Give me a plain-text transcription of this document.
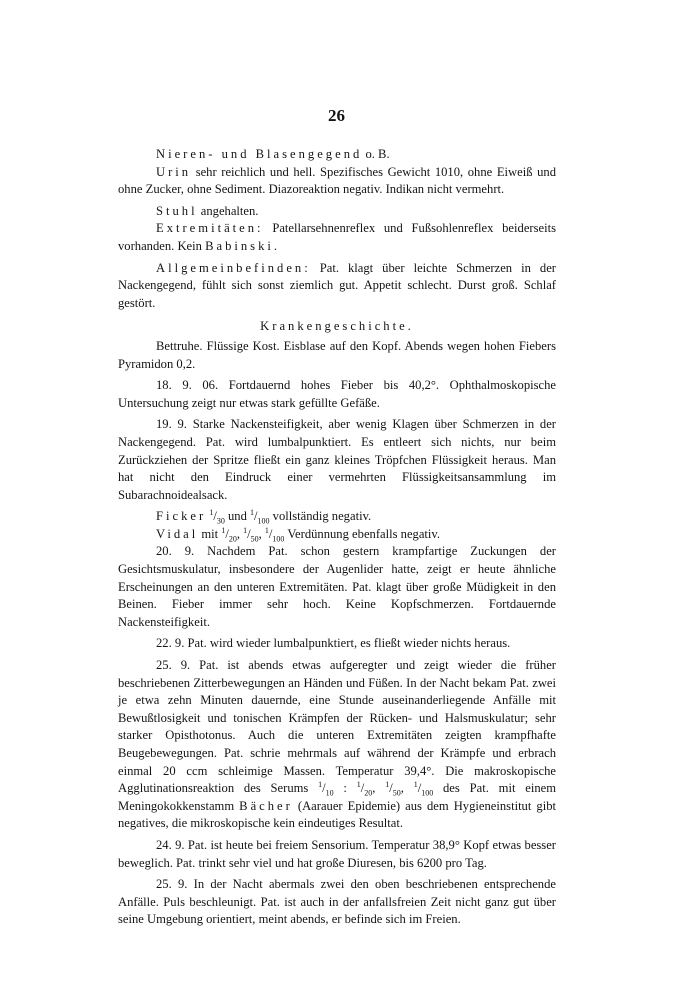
26

Nieren- und Blasengegend o. B.

Urin sehr reichlich und hell. Spezifisches Gewicht 1010, ohne Eiweiß und ohne Zucker, ohne Sediment. Diazoreaktion negativ. Indikan nicht vermehrt.

Stuhl angehalten.

Extremitäten: Patellarsehnenreflex und Fußsohlenreflex beiderseits vorhanden. Kein Babinski.

Allgemeinbefinden: Pat. klagt über leichte Schmerzen in der Nackengegend, fühlt sich sonst ziemlich gut. Appetit schlecht. Durst groß. Schlaf gestört.

Krankengeschichte.

Bettruhe. Flüssige Kost. Eisblase auf den Kopf. Abends wegen hohen Fiebers Pyramidon 0,2.

18. 9. 06. Fortdauernd hohes Fieber bis 40,2°. Ophthalmoskopische Untersuchung zeigt nur etwas stark gefüllte Gefäße.

19. 9. Starke Nackensteifigkeit, aber wenig Klagen über Schmerzen in der Nackengegend. Pat. wird lumbalpunktiert. Es entleert sich nichts, nur beim Zurückziehen der Spritze fließt ein ganz kleines Tröpfchen Flüssigkeit heraus. Man hat nicht den Eindruck einer vermehrten Flüssigkeitsansammlung im Subarachnoidealsack.

Ficker $^1/_{30}$ und $^1/_{100}$ vollständig negativ.

Vidal mit $^1/_{20}$, $^1/_{50}$, $^1/_{100}$ Verdünnung ebenfalls negativ.

20. 9. Nachdem Pat. schon gestern krampfartige Zuckungen der Gesichtsmuskulatur, insbesondere der Augenlider hatte, zeigt er heute ähnliche Erscheinungen an den unteren Extremitäten. Pat. klagt über große Müdigkeit in den Beinen. Fieber immer sehr hoch. Keine Kopfschmerzen. Fortdauernde Nackensteifigkeit.

22. 9. Pat. wird wieder lumbalpunktiert, es fließt wieder nichts heraus.

25. 9. Pat. ist abends etwas aufgeregter und zeigt wieder die früher beschriebenen Zitterbewegungen an Händen und Füßen. In der Nacht bekam Pat. zwei je etwa zehn Minuten dauernde, eine Stunde auseinanderliegende Anfälle mit Bewußtlosigkeit und tonischen Krämpfen der Rücken- und Halsmuskulatur; sehr starker Opisthotonus. Auch die unteren Extremitäten zeigten krampfhafte Beugebewegungen. Pat. schrie mehrmals auf während der Krämpfe und erbrach einmal 20 ccm schleimige Massen. Temperatur 39,4°. Die makroskopische Agglutinationsreaktion des Serums $^1/_{10}$ : $^1/_{20}$, $^1/_{50}$, $^1/_{100}$ des Pat. mit einem Meningokokkenstamm Bächer (Aarauer Epidemie) aus dem Hygieneinstitut gibt negatives, die mikroskopische kein eindeutiges Resultat.

24. 9. Pat. ist heute bei freiem Sensorium. Temperatur 38,9° Kopf etwas besser beweglich. Pat. trinkt sehr viel und hat große Diuresen, bis 6200 pro Tag.

25. 9. In der Nacht abermals zwei den oben beschriebenen entsprechende Anfälle. Puls beschleunigt. Pat. ist auch in der anfallsfreien Zeit nicht ganz gut über seine Umgebung orientiert, meint abends, er befinde sich im Freien.
